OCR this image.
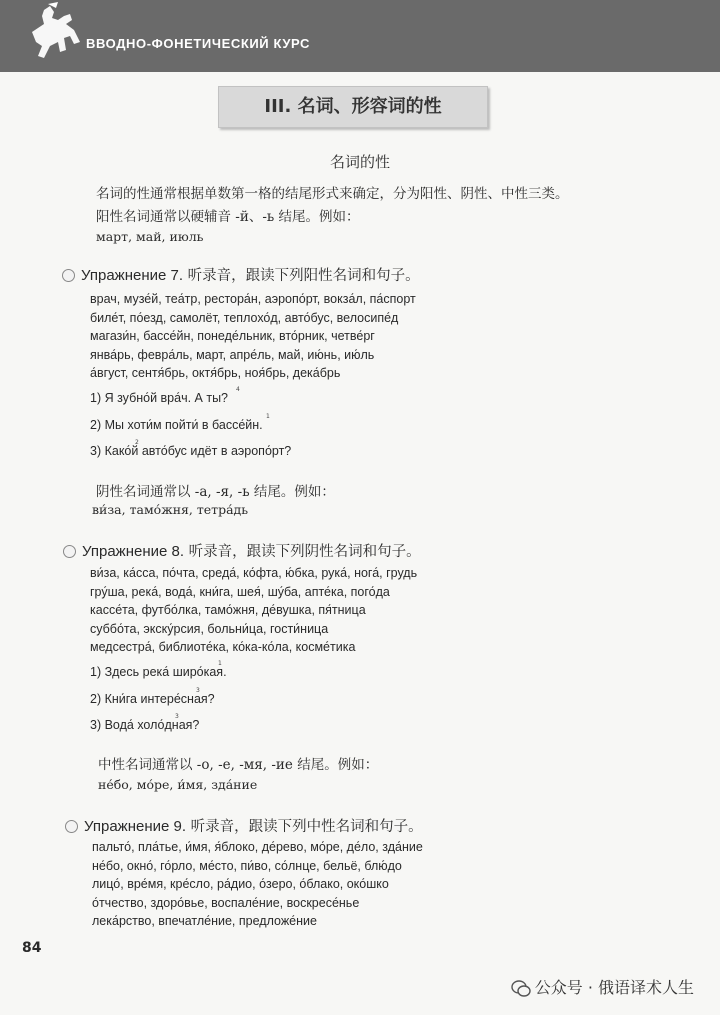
ВВОДНО-ФОНЕТИЧЕСКИЙ КУРС
III. 名词、形容词的性
名词的性
名词的性通常根据单数第一格的结尾形式来确定，分为阳性、阴性、中性三类。
阳性名词通常以硬辅音 -й、-ь 结尾。例如：
март, май, июль
Упражнение 7. 听录音，跟读下列阳性名词和句子。
врач, музе́й, теа́тр, рестора́н, аэропо́рт, вокза́л, па́спорт
биле́т, по́езд, самолёт, теплохо́д, авто́бус, велосипе́д
магази́н, бассе́йн, понеде́льник, вто́рник, четве́рг
янва́рь, февра́ль, март, апре́ль, май, ию́нь, ию́ль
а́вгуст, сентя́брь, октя́брь, ноя́брь, дека́брь
1) Я зубно́й вра́ч. А ты?
2) Мы хоти́м пойти́ в бассе́йн.
3) Како́й авто́бус идёт в аэропо́рт?
4
1
2
阴性名词通常以 -а, -я, -ь 结尾。例如：
ви́за, тамо́жня, тетра́дь
Упражнение 8. 听录音，跟读下列阴性名词和句子。
ви́за, ка́сса, по́чта, среда́, ко́фта, ю́бка, рука́, нога́, грудь
гру́ша, река́, вода́, кни́га, шея́, шу́ба, апте́ка, пого́да
кассе́та, футбо́лка, тамо́жня, де́вушка, пя́тница
суббо́та, экску́рсия, больни́ца, гости́ница
медсестра́, библиоте́ка, ко́ка-ко́ла, косме́тика
1) Здесь река́ широ́кая.
2) Кни́га интере́сная?
3) Вода́ холо́дная?
1
3
3
中性名词通常以 -о, -е, -мя, -ие 结尾。例如：
не́бо, мо́ре, и́мя, зда́ние
Упражнение 9. 听录音，跟读下列中性名词和句子。
пальто́, пла́тье, и́мя, я́блоко, де́рево, мо́ре, де́ло, зда́ние
не́бо, окно́, го́рло, ме́сто, пи́во, со́лнце, бельё, блю́до
лицо́, вре́мя, кре́сло, ра́дио, о́зеро, о́блако, око́шко
о́тчество, здоро́вье, воспале́ние, воскресе́нье
лека́рство, впечатле́ние, предложе́ние
84
公众号 · 俄语译术人生
